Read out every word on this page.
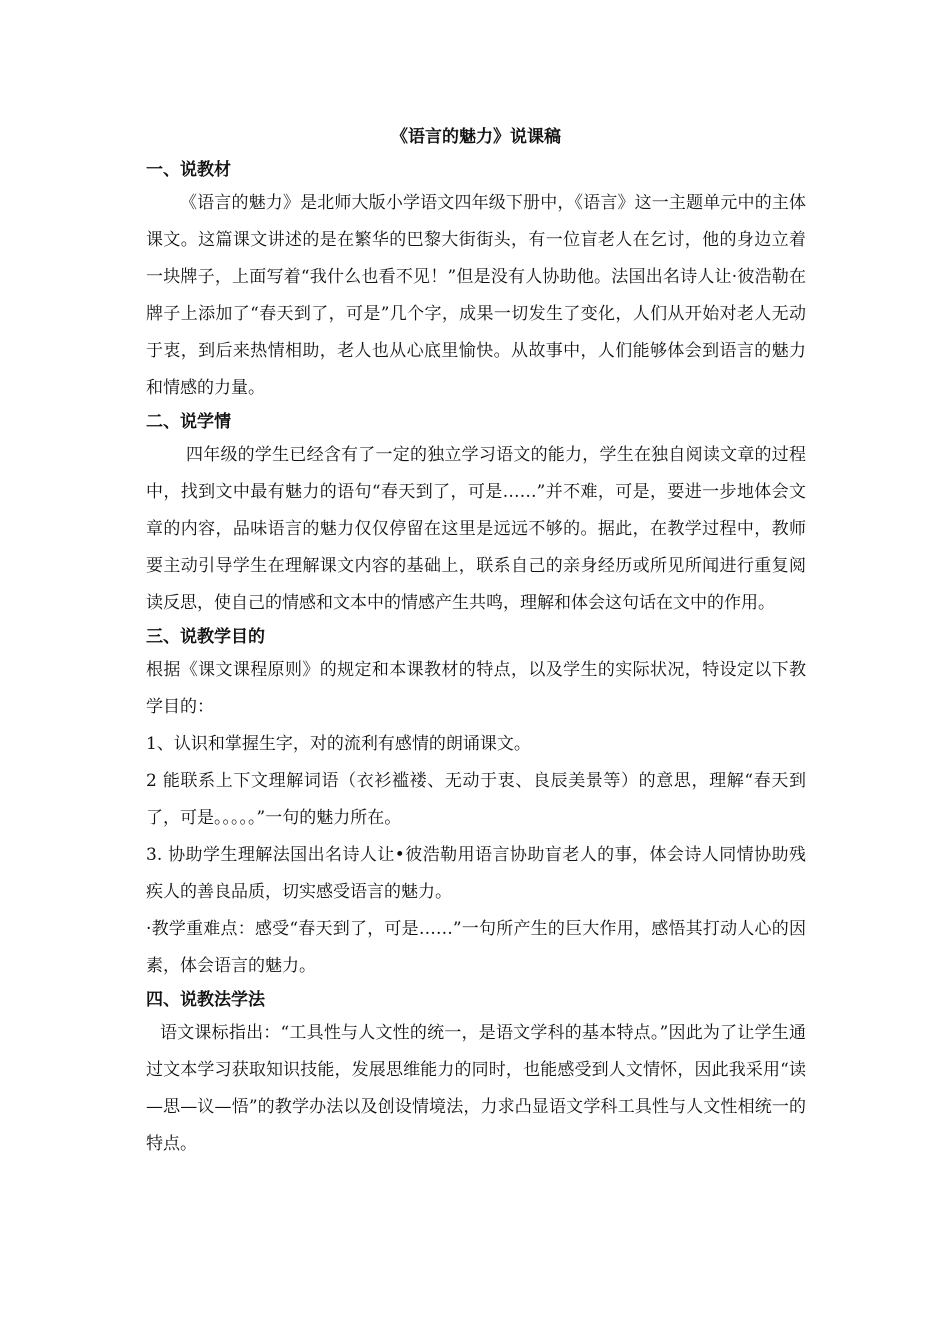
《语言的魅力》说课稿

一、说教材

《语言的魅力》是北师大版小学语文四年级下册中，《语言》这一主题单元中的主体课文。这篇课文讲述的是在繁华的巴黎大街街头，有一位盲老人在乞讨，他的身边立着一块牌子，上面写着“我什么也看不见！”但是没有人协助他。法国出名诗人让·彼浩勒在牌子上添加了“春天到了，可是”几个字，成果一切发生了变化，人们从开始对老人无动于衷，到后来热情相助，老人也从心底里愉快。从故事中，人们能够体会到语言的魅力和情感的力量。

二、说学情

四年级的学生已经含有了一定的独立学习语文的能力，学生在独自阅读文章的过程中，找到文中最有魅力的语句“春天到了，可是……”并不难，可是，要进一步地体会文章的内容，品味语言的魅力仅仅停留在这里是远远不够的。据此，在教学过程中，教师要主动引导学生在理解课文内容的基础上，联系自己的亲身经历或所见所闻进行重复阅读反思，使自己的情感和文本中的情感产生共鸣，理解和体会这句话在文中的作用。

三、说教学目的

根据《课文课程原则》的规定和本课教材的特点，以及学生的实际状况，特设定以下教学目的：

1、认识和掌握生字，对的流利有感情的朗诵课文。

2 能联系上下文理解词语（衣衫褴褛、无动于衷、良辰美景等）的意思，理解“春天到了，可是。。。。。”一句的魅力所在。

3. 协助学生理解法国出名诗人让•彼浩勒用语言协助盲老人的事，体会诗人同情协助残疾人的善良品质，切实感受语言的魅力。

·教学重难点：感受“春天到了，可是……”一句所产生的巨大作用，感悟其打动人心的因素，体会语言的魅力。

四、说教法学法

语文课标指出：“工具性与人文性的统一，是语文学科的基本特点。”因此为了让学生通过文本学习获取知识技能，发展思维能力的同时，也能感受到人文情怀，因此我采用“读—思—议—悟”的教学办法以及创设情境法，力求凸显语文学科工具性与人文性相统一的特点。
